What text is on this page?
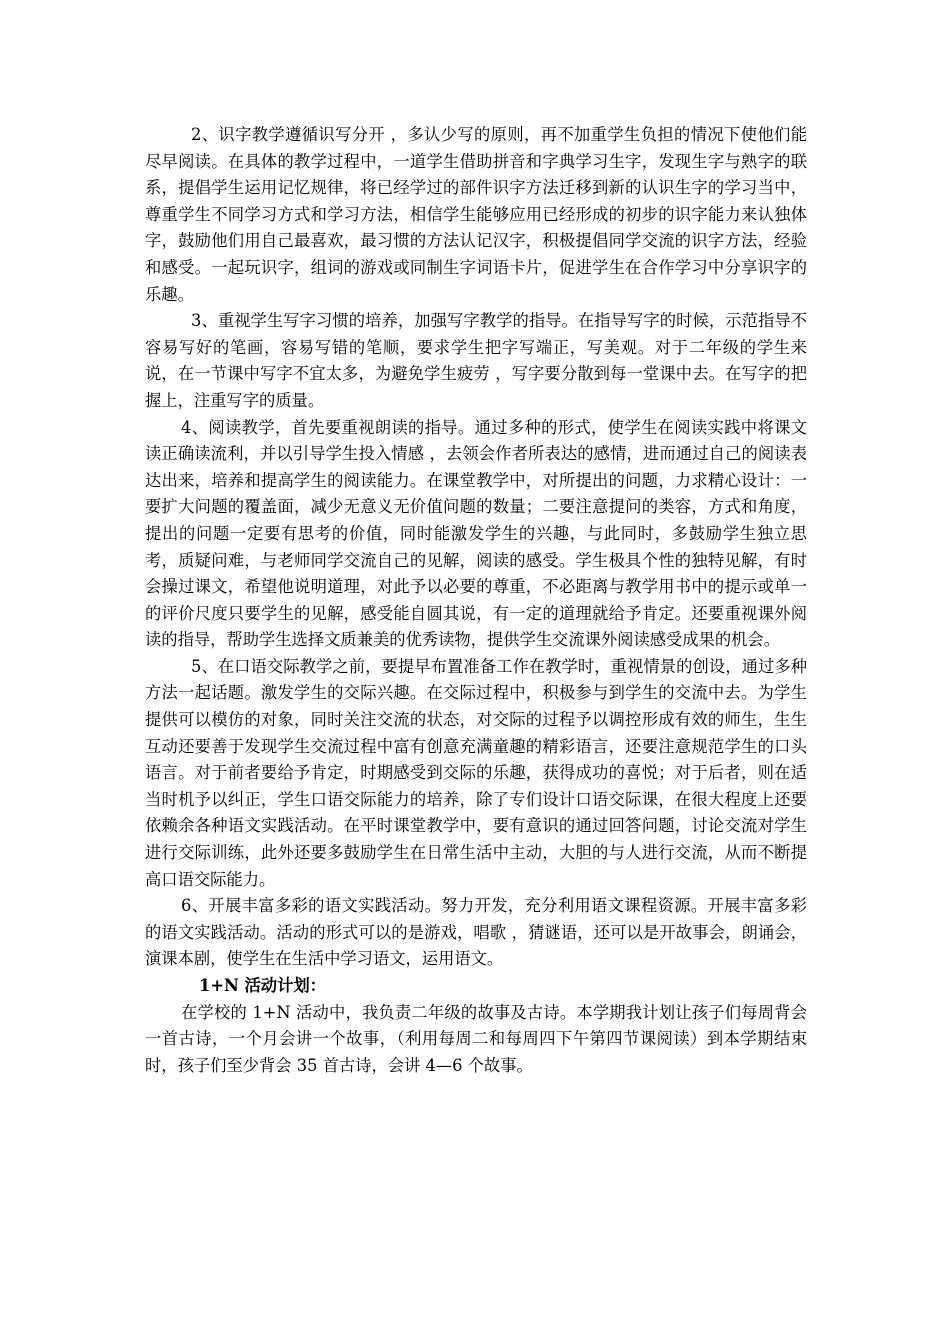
2、识字教学遵循识写分开 ，多认少写的原则，再不加重学生负担的情况下使他们能尽早阅读。在具体的教学过程中，一道学生借助拼音和字典学习生字，发现生字与熟字的联系，提倡学生运用记忆规律，将已经学过的部件识字方法迁移到新的认识生字的学习当中，尊重学生不同学习方式和学习方法，相信学生能够应用已经形成的初步的识字能力来认独体字，鼓励他们用自己最喜欢，最习惯的方法认记汉字，积极提倡同学交流的识字方法，经验和感受。一起玩识字，组词的游戏或同制生字词语卡片，促进学生在合作学习中分享识字的乐趣。

3、重视学生写字习惯的培养，加强写字教学的指导。在指导写字的时候，示范指导不容易写好的笔画，容易写错的笔顺，要求学生把字写端正，写美观。对于二年级的学生来说，在一节课中写字不宜太多，为避免学生疲劳 ，写字要分散到每一堂课中去。在写字的把握上，注重写字的质量。

4、阅读教学，首先要重视朗读的指导。通过多种的形式，使学生在阅读实践中将课文读正确读流利，并以引导学生投入情感 ，去领会作者所表达的感情，进而通过自己的阅读表达出来，培养和提高学生的阅读能力。在课堂教学中，对所提出的问题，力求精心设计：一要扩大问题的覆盖面，减少无意义无价值问题的数量；二要注意提问的类容，方式和角度，提出的问题一定要有思考的价值，同时能激发学生的兴趣，与此同时，多鼓励学生独立思考，质疑问难，与老师同学交流自己的见解，阅读的感受。学生极具个性的独特见解，有时会操过课文，希望他说明道理，对此予以必要的尊重，不必距离与教学用书中的提示或单一的评价尺度只要学生的见解，感受能自圆其说，有一定的道理就给予肯定。还要重视课外阅读的指导，帮助学生选择文质兼美的优秀读物，提供学生交流课外阅读感受成果的机会。

5、在口语交际教学之前，要提早布置准备工作在教学时，重视情景的创设，通过多种方法一起话题。激发学生的交际兴趣。在交际过程中，积极参与到学生的交流中去。为学生提供可以模仿的对象，同时关注交流的状态，对交际的过程予以调控形成有效的师生，生生互动还要善于发现学生交流过程中富有创意充满童趣的精彩语言，还要注意规范学生的口头语言。对于前者要给予肯定，时期感受到交际的乐趣，获得成功的喜悦；对于后者，则在适当时机予以纠正，学生口语交际能力的培养，除了专们设计口语交际课，在很大程度上还要依赖余各种语文实践活动。在平时课堂教学中，要有意识的通过回答问题，讨论交流对学生进行交际训练，此外还要多鼓励学生在日常生活中主动，大胆的与人进行交流，从而不断提高口语交际能力。

6、开展丰富多彩的语文实践活动。努力开发，充分利用语文课程资源。开展丰富多彩的语文实践活动。活动的形式可以的是游戏，唱歌 ，猜谜语，还可以是开故事会，朗诵会，演课本剧，使学生在生活中学习语文，运用语文。

1+N 活动计划：

在学校的 1+N 活动中，我负责二年级的故事及古诗。本学期我计划让孩子们每周背会一首古诗，一个月会讲一个故事，（利用每周二和每周四下午第四节课阅读）到本学期结束时，孩子们至少背会 35 首古诗，会讲 4—6 个故事。
